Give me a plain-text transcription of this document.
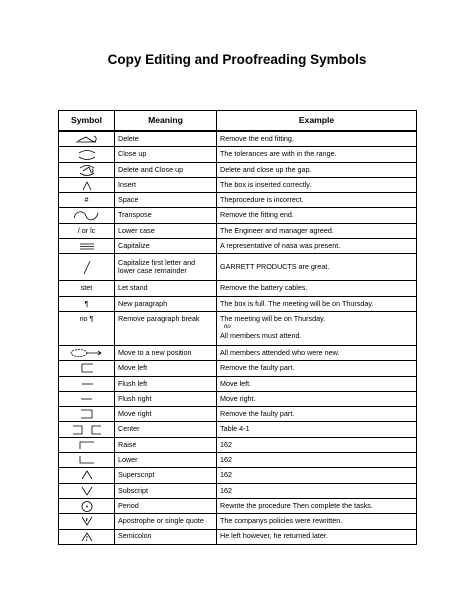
Copy Editing and Proofreading Symbols
Symbol	Meaning	Example

	Delete	Remove the end fitting.

	Close up	The tolerances are with in the range.

	Delete and Close up	Delete and close up the gap.

	Insert	The box is inserted correctly.
#	Space	Theprocedure is incorrect.

	Transpose	Remove the fitting end.
/ or lc	Lower case	The Engineer and manager agreed.

	Capitalize	A representative of nasa was present.

	Capitalize first letter and lower case remainder	GARRETT PRODUCTS are great.
stet	Let stand	Remove the battery cables.
¶	New paragraph	The box is full. The meeting will be on Thursday.
no ¶	Remove paragraph break	The meeting will be on Thursday.
no
All members must attend.

	Move to a new position	All members attended who were new.

	Move left	Remove the faulty part.

	Flush left	Move left.

	Flush right	Move right.

	Move right	Remove the faulty part.

	Center	Table 4-1

	Raise	162

	Lower	162

	Superscript	162

	Subscript	162

	Period	Rewrite the procedure Then complete the tasks.

	Apostrophe or single quote	The companys policies were rewritten.

	Semicolon	He left however, he returned later.
